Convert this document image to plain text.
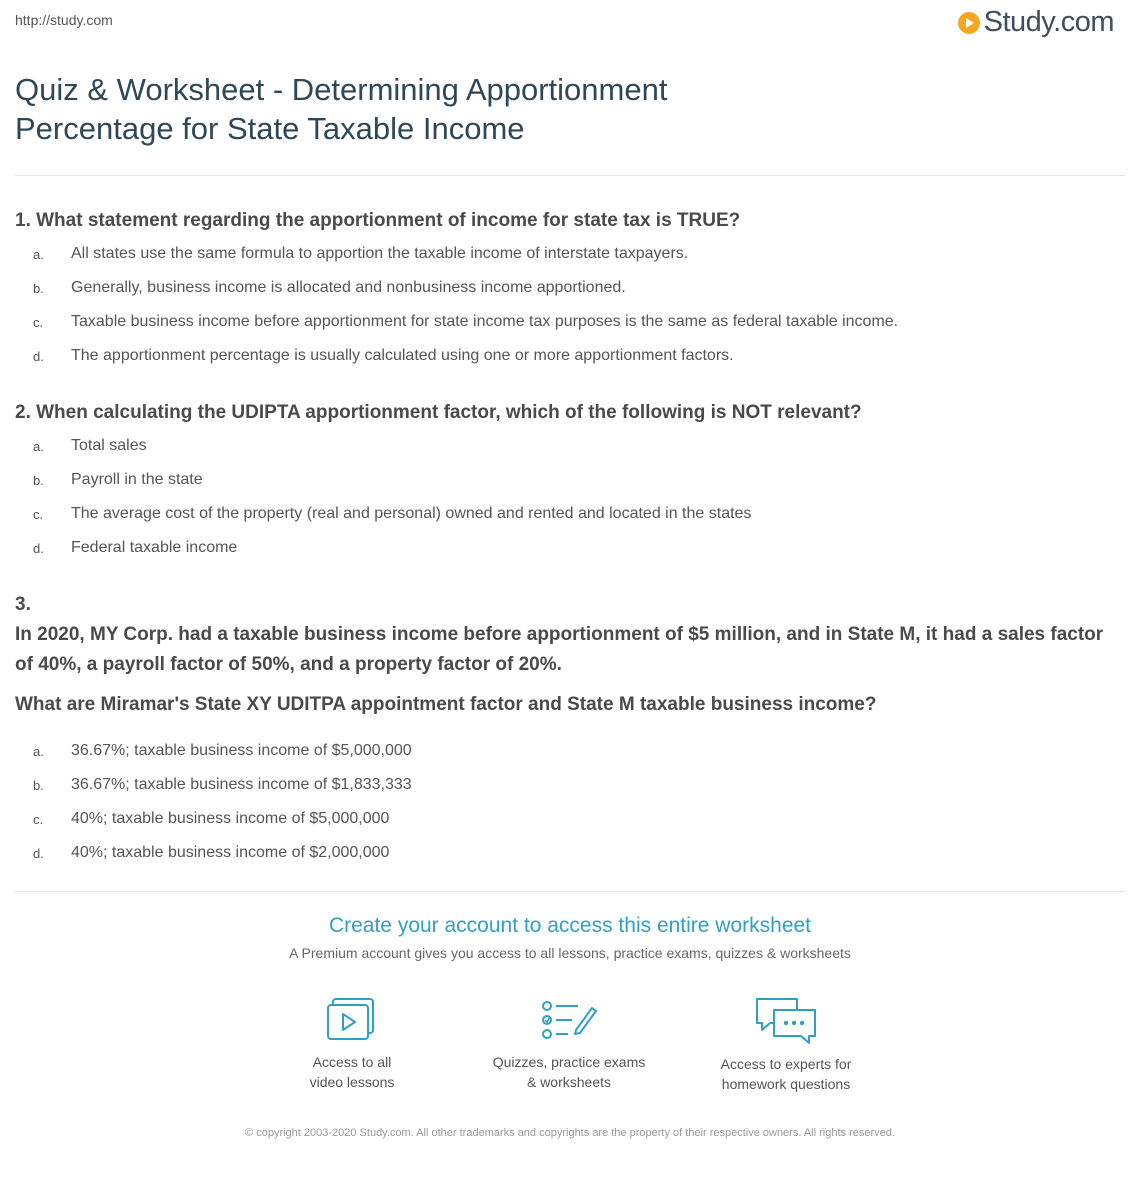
http://study.com	Study.com
Quiz & Worksheet - Determining Apportionment Percentage for State Taxable Income

1. What statement regarding the apportionment of income for state tax is TRUE?

a.	All states use the same formula to apportion the taxable income of interstate taxpayers.
b.	Generally, business income is allocated and nonbusiness income apportioned.
c.	Taxable business income before apportionment for state income tax purposes is the same as federal taxable income.
d.	The apportionment percentage is usually calculated using one or more apportionment factors.

2. When calculating the UDIPTA apportionment factor, which of the following is NOT relevant?

a.	Total sales
b.	Payroll in the state
c.	The average cost of the property (real and personal) owned and rented and located in the states
d.	Federal taxable income

3.

In 2020, MY Corp. had a taxable business income before apportionment of $5 million, and in State M, it had a sales factor of 40%, a payroll factor of 50%, and a property factor of 20%.

What are Miramar's State XY UDITPA appointment factor and State M taxable business income?

a.	36.67%; taxable business income of $5,000,000
b.	36.67%; taxable business income of $1,833,333
c.	40%; taxable business income of $5,000,000
d.	40%; taxable business income of $2,000,000
Create your account to access this entire worksheet
A Premium account gives you access to all lessons, practice exams, quizzes & worksheets
Access to all
video lessons
Quizzes, practice exams
& worksheets
Access to experts for
homework questions
© copyright 2003-2020 Study.com. All other trademarks and copyrights are the property of their respective owners. All rights reserved.
